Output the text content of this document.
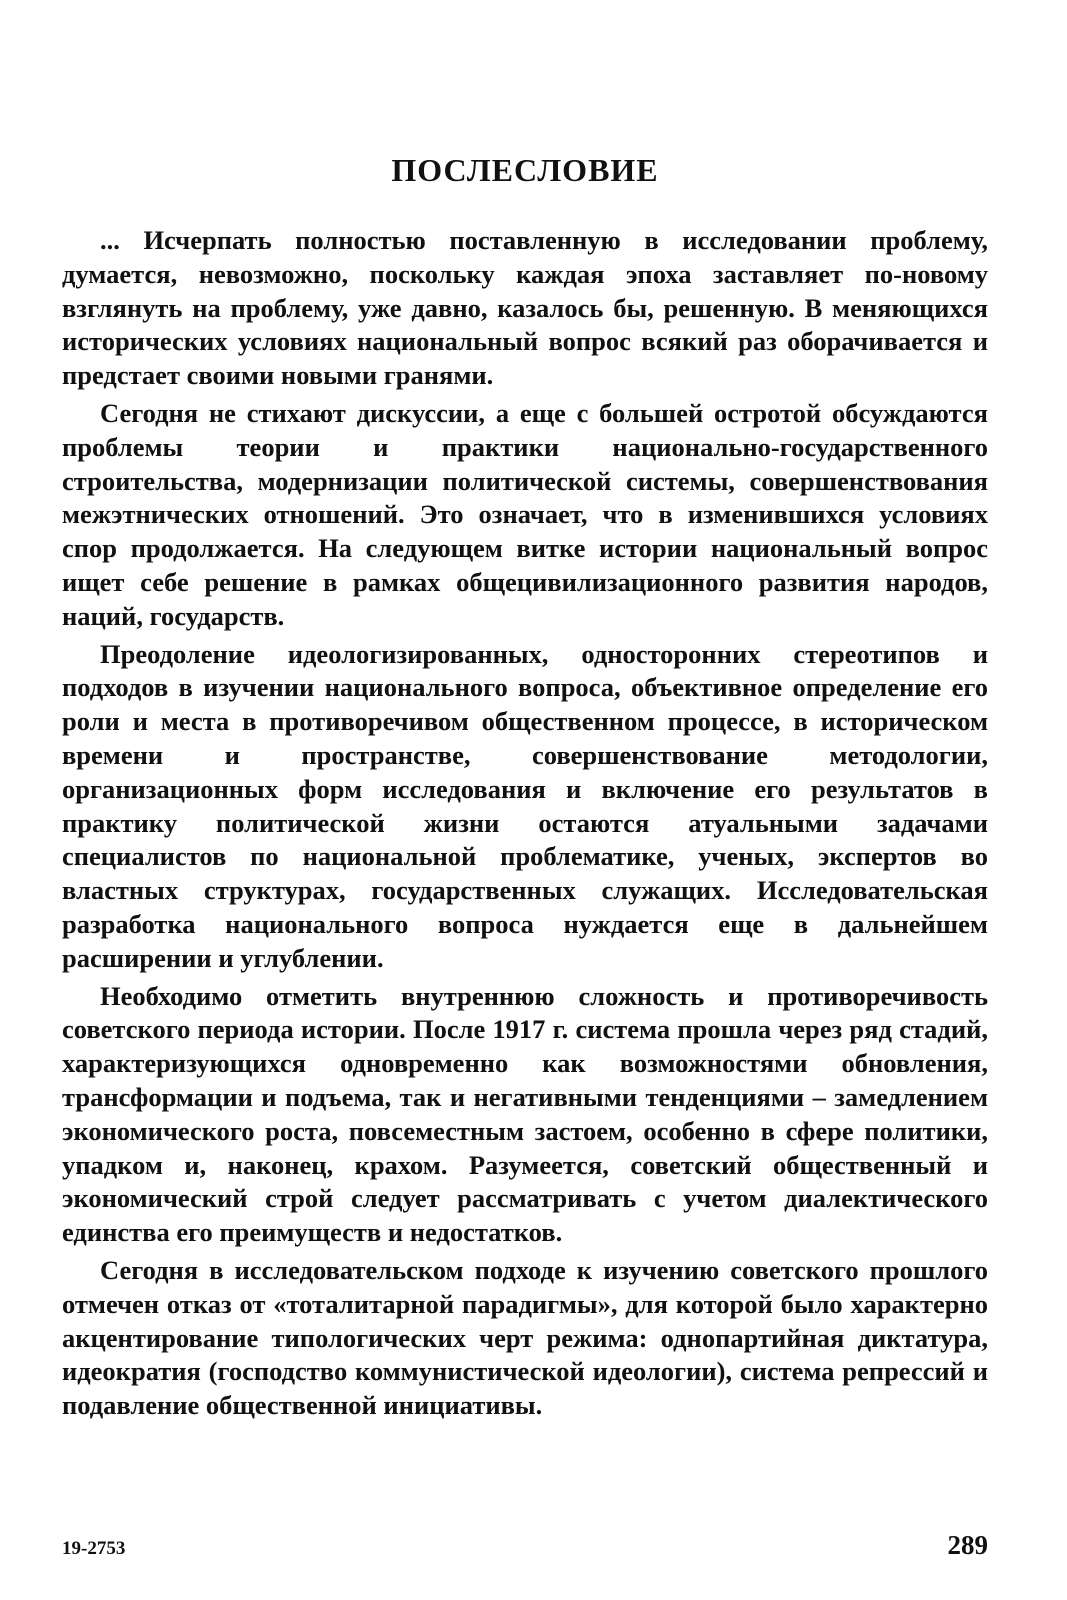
ПОСЛЕСЛОВИЕ

... Исчерпать полностью поставленную в исследовании проблему, думается, невозможно, поскольку каждая эпоха заставляет по-новому взглянуть на проблему, уже давно, казалось бы, решенную. В меняющихся исторических условиях национальный вопрос всякий раз оборачивается и предстает своими новыми гранями.

Сегодня не стихают дискуссии, а еще с большей остротой обсуждаются проблемы теории и практики национально-государственного строительства, модернизации политической системы, совершенствования межэтнических отношений. Это означает, что в изменившихся условиях спор продолжается. На следующем витке истории национальный вопрос ищет себе решение в рамках общецивилизационного развития народов, наций, государств.

Преодоление идеологизированных, односторонних стереотипов и подходов в изучении национального вопроса, объективное определение его роли и места в противоречивом общественном процессе, в историческом времени и пространстве, совершенствование методологии, организационных форм исследования и включение его результатов в практику политической жизни остаются атуальными задачами специалистов по национальной проблематике, ученых, экспертов во властных структурах, государственных служащих. Исследовательская разработка национального вопроса нуждается еще в дальнейшем расширении и углублении.

Необходимо отметить внутреннюю сложность и противоречивость советского периода истории. После 1917 г. система прошла через ряд стадий, характеризующихся одновременно как возможностями обновления, трансформации и подъема, так и негативными тенденциями – замедлением экономического роста, повсеместным застоем, особенно в сфере политики, упадком и, наконец, крахом. Разумеется, советский общественный и экономический строй следует рассматривать с учетом диалектического единства его преимуществ и недостатков.

Сегодня в исследовательском подходе к изучению советского прошлого отмечен отказ от «тоталитарной парадигмы», для которой было характерно акцентирование типологических черт режима: однопартийная диктатура, идеократия (господство коммунистической идеологии), система репрессий и подавление общественной инициативы.

19-2753	289
